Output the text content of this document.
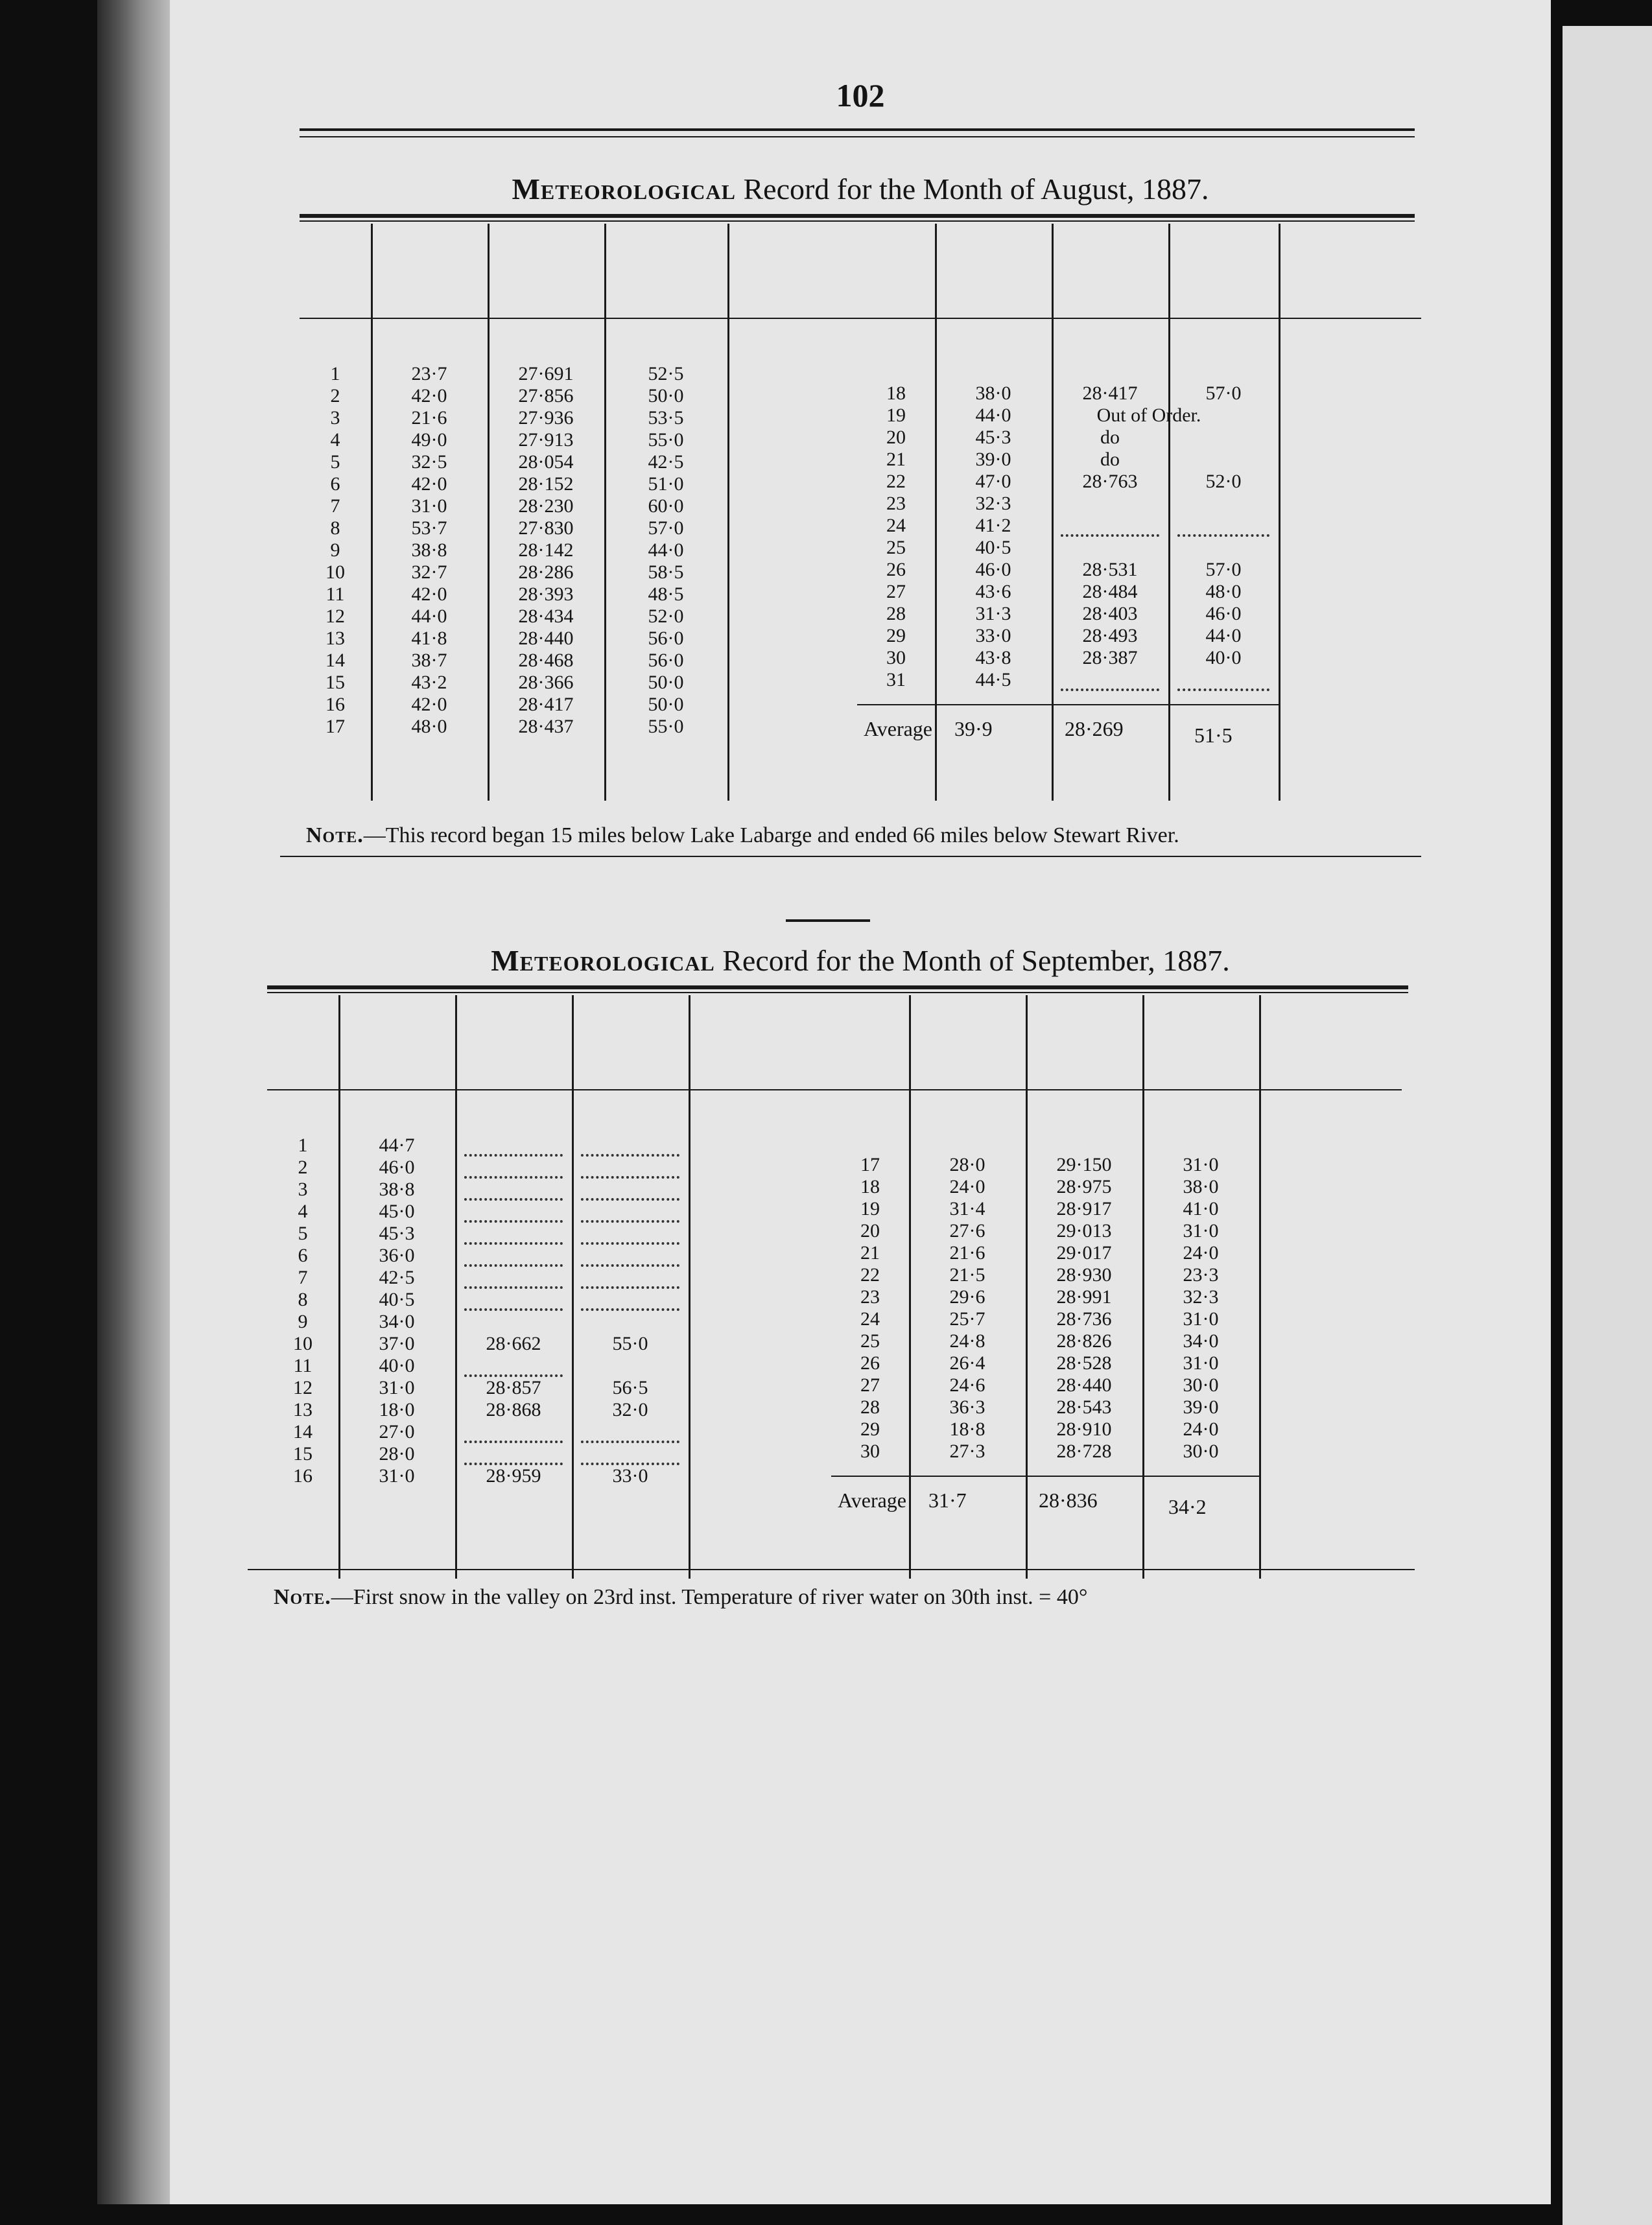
102
Meteorological Record for the Month of August, 1887.
1	23·7	27·691	52·5
2	42·0	27·856	50·0
3	21·6	27·936	53·5
4	49·0	27·913	55·0
5	32·5	28·054	42·5
6	42·0	28·152	51·0
7	31·0	28·230	60·0
8	53·7	27·830	57·0
9	38·8	28·142	44·0
10	32·7	28·286	58·5
11	42·0	28·393	48·5
12	44·0	28·434	52·0
13	41·8	28·440	56·0
14	38·7	28·468	56·0
15	43·2	28·366	50·0
16	42·0	28·417	50·0
17	48·0	28·437	55·0
18	38·0	28·417	57·0
19	44·0	Out of Order.
20	45·3	do
21	39·0	do
22	47·0	28·763	52·0
23	32·3
24	41·2
25	40·5
26	46·0	28·531	57·0
27	43·6	28·484	48·0
28	31·3	28·403	46·0
29	33·0	28·493	44·0
30	43·8	28·387	40·0
31	44·5
Average 39·9	28·269	51·5
Note.—This record began 15 miles below Lake Labarge and ended 66 miles below Stewart River.
Meteorological Record for the Month of September, 1887.
1	44·7
2	46·0
3	38·8
4	45·0
5	45·3
6	36·0
7	42·5
8	40·5
9	34·0
10	37·0	28·662	55·0
11	40·0
12	31·0	28·857	56·5
13	18·0	28·868	32·0
14	27·0
15	28·0
16	31·0	28·959	33·0
17	28·0	29·150	31·0
18	24·0	28·975	38·0
19	31·4	28·917	41·0
20	27·6	29·013	31·0
21	21·6	29·017	24·0
22	21·5	28·930	23·3
23	29·6	28·991	32·3
24	25·7	28·736	31·0
25	24·8	28·826	34·0
26	26·4	28·528	31·0
27	24·6	28·440	30·0
28	36·3	28·543	39·0
29	18·8	28·910	24·0
30	27·3	28·728	30·0
Average 31·7	28·836	34·2
Note.—First snow in the valley on 23rd inst. Temperature of river water on 30th inst. = 40°
